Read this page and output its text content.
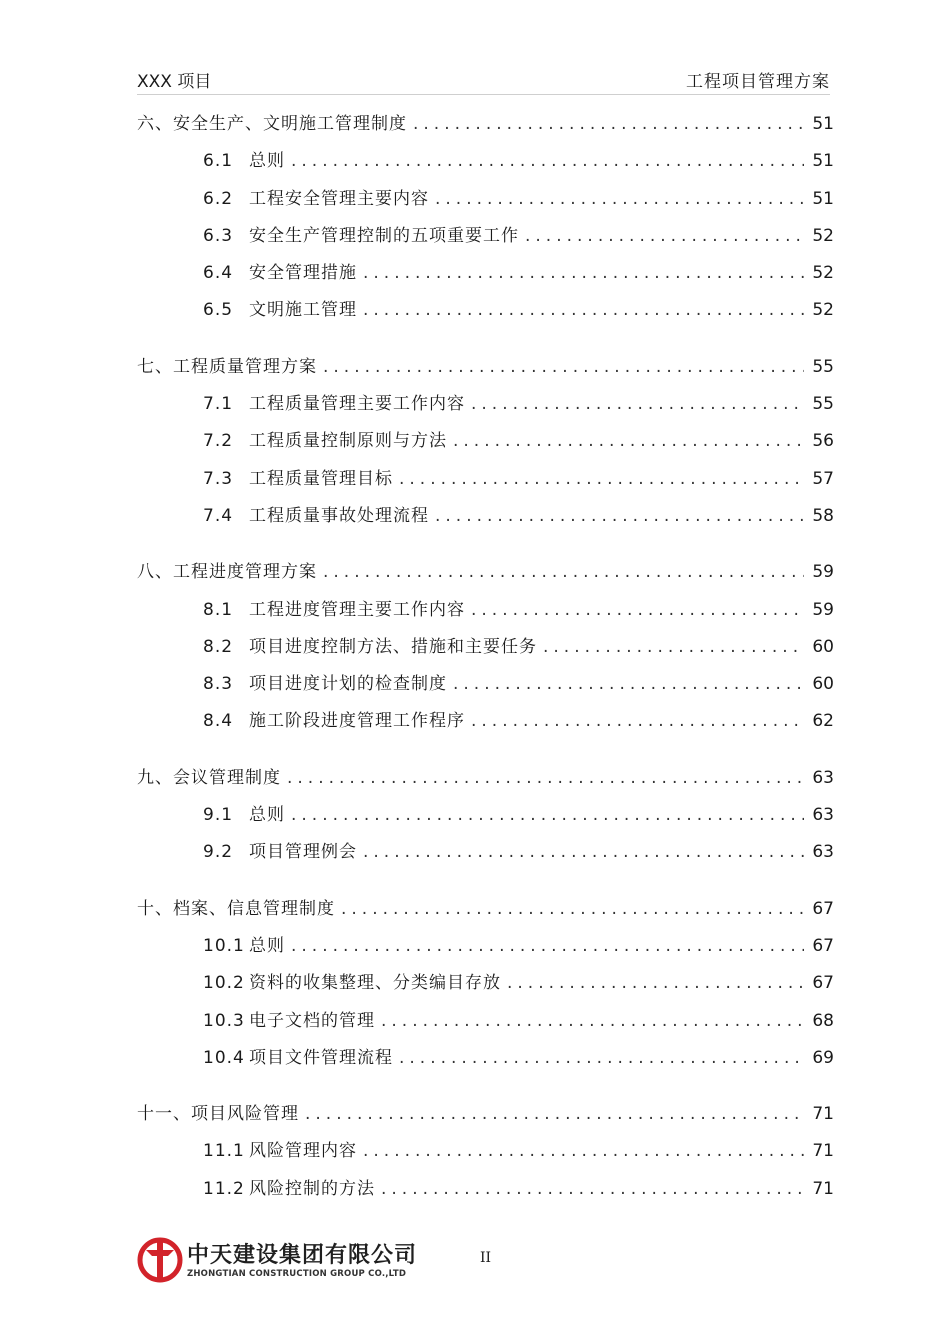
XXX 项目	工程项目管理方案
六、安全生产、文明施工管理制度 .....	51
6.1 总则 .....	51
6.2 工程安全管理主要内容 .....	51
6.3 安全生产管理控制的五项重要工作 .....	52
6.4 安全管理措施 .....	52
6.5 文明施工管理 .....	52
七、工程质量管理方案 .....	55
7.1 工程质量管理主要工作内容 .....	55
7.2 工程质量控制原则与方法 .....	56
7.3 工程质量管理目标 .....	57
7.4 工程质量事故处理流程 .....	58
八、工程进度管理方案 .....	59
8.1 工程进度管理主要工作内容 .....	59
8.2 项目进度控制方法、措施和主要任务 .....	60
8.3 项目进度计划的检查制度 .....	60
8.4 施工阶段进度管理工作程序 .....	62
九、会议管理制度 .....	63
9.1 总则 .....	63
9.2 项目管理例会 .....	63
十、档案、信息管理制度 .....	67
10.1 总则 .....	67
10.2 资料的收集整理、分类编目存放 .....	67
10.3 电子文档的管理 .....	68
10.4 项目文件管理流程 .....	69
十一、项目风险管理 .....	71
11.1 风险管理内容 .....	71
11.2 风险控制的方法 .....	71
中天建设集团有限公司
ZHONGTIAN CONSTRUCTION GROUP CO.,LTD
II
